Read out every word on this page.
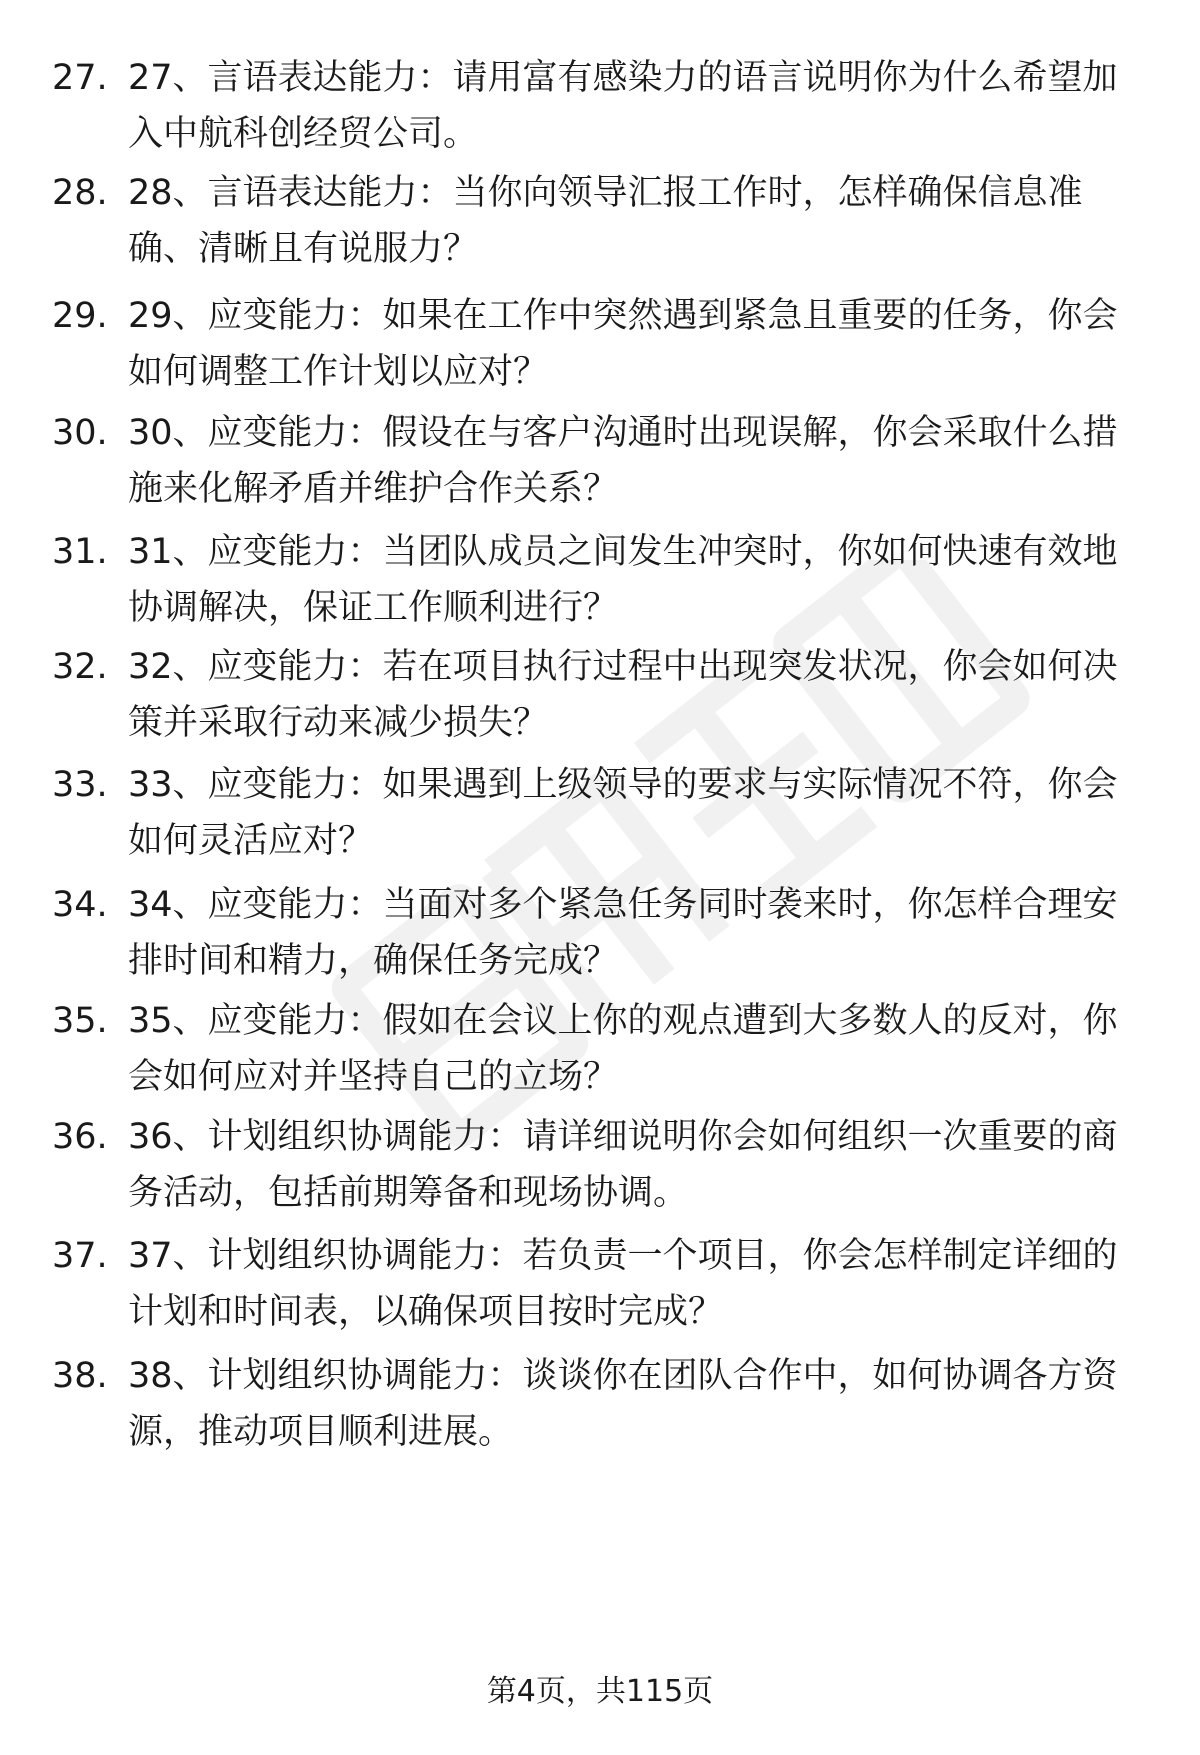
27. 27、言语表达能力：请用富有感染力的语言说明你为什么希望加
入中航科创经贸公司。
28. 28、言语表达能力：当你向领导汇报工作时，怎样确保信息准
确、清晰且有说服力？
29. 29、应变能力：如果在工作中突然遇到紧急且重要的任务，你会
如何调整工作计划以应对？
30. 30、应变能力：假设在与客户沟通时出现误解，你会采取什么措
施来化解矛盾并维护合作关系？
31. 31、应变能力：当团队成员之间发生冲突时，你如何快速有效地
协调解决，保证工作顺利进行？
32. 32、应变能力：若在项目执行过程中出现突发状况，你会如何决
策并采取行动来减少损失？
33. 33、应变能力：如果遇到上级领导的要求与实际情况不符，你会
如何灵活应对？
34. 34、应变能力：当面对多个紧急任务同时袭来时，你怎样合理安
排时间和精力，确保任务完成？
35. 35、应变能力：假如在会议上你的观点遭到大多数人的反对，你
会如何应对并坚持自己的立场？
36. 36、计划组织协调能力：请详细说明你会如何组织一次重要的商
务活动，包括前期筹备和现场协调。
37. 37、计划组织协调能力：若负责一个项目，你会怎样制定详细的
计划和时间表，以确保项目按时完成？
38. 38、计划组织协调能力：谈谈你在团队合作中，如何协调各方资
源，推动项目顺利进展。
第4页，共115页
